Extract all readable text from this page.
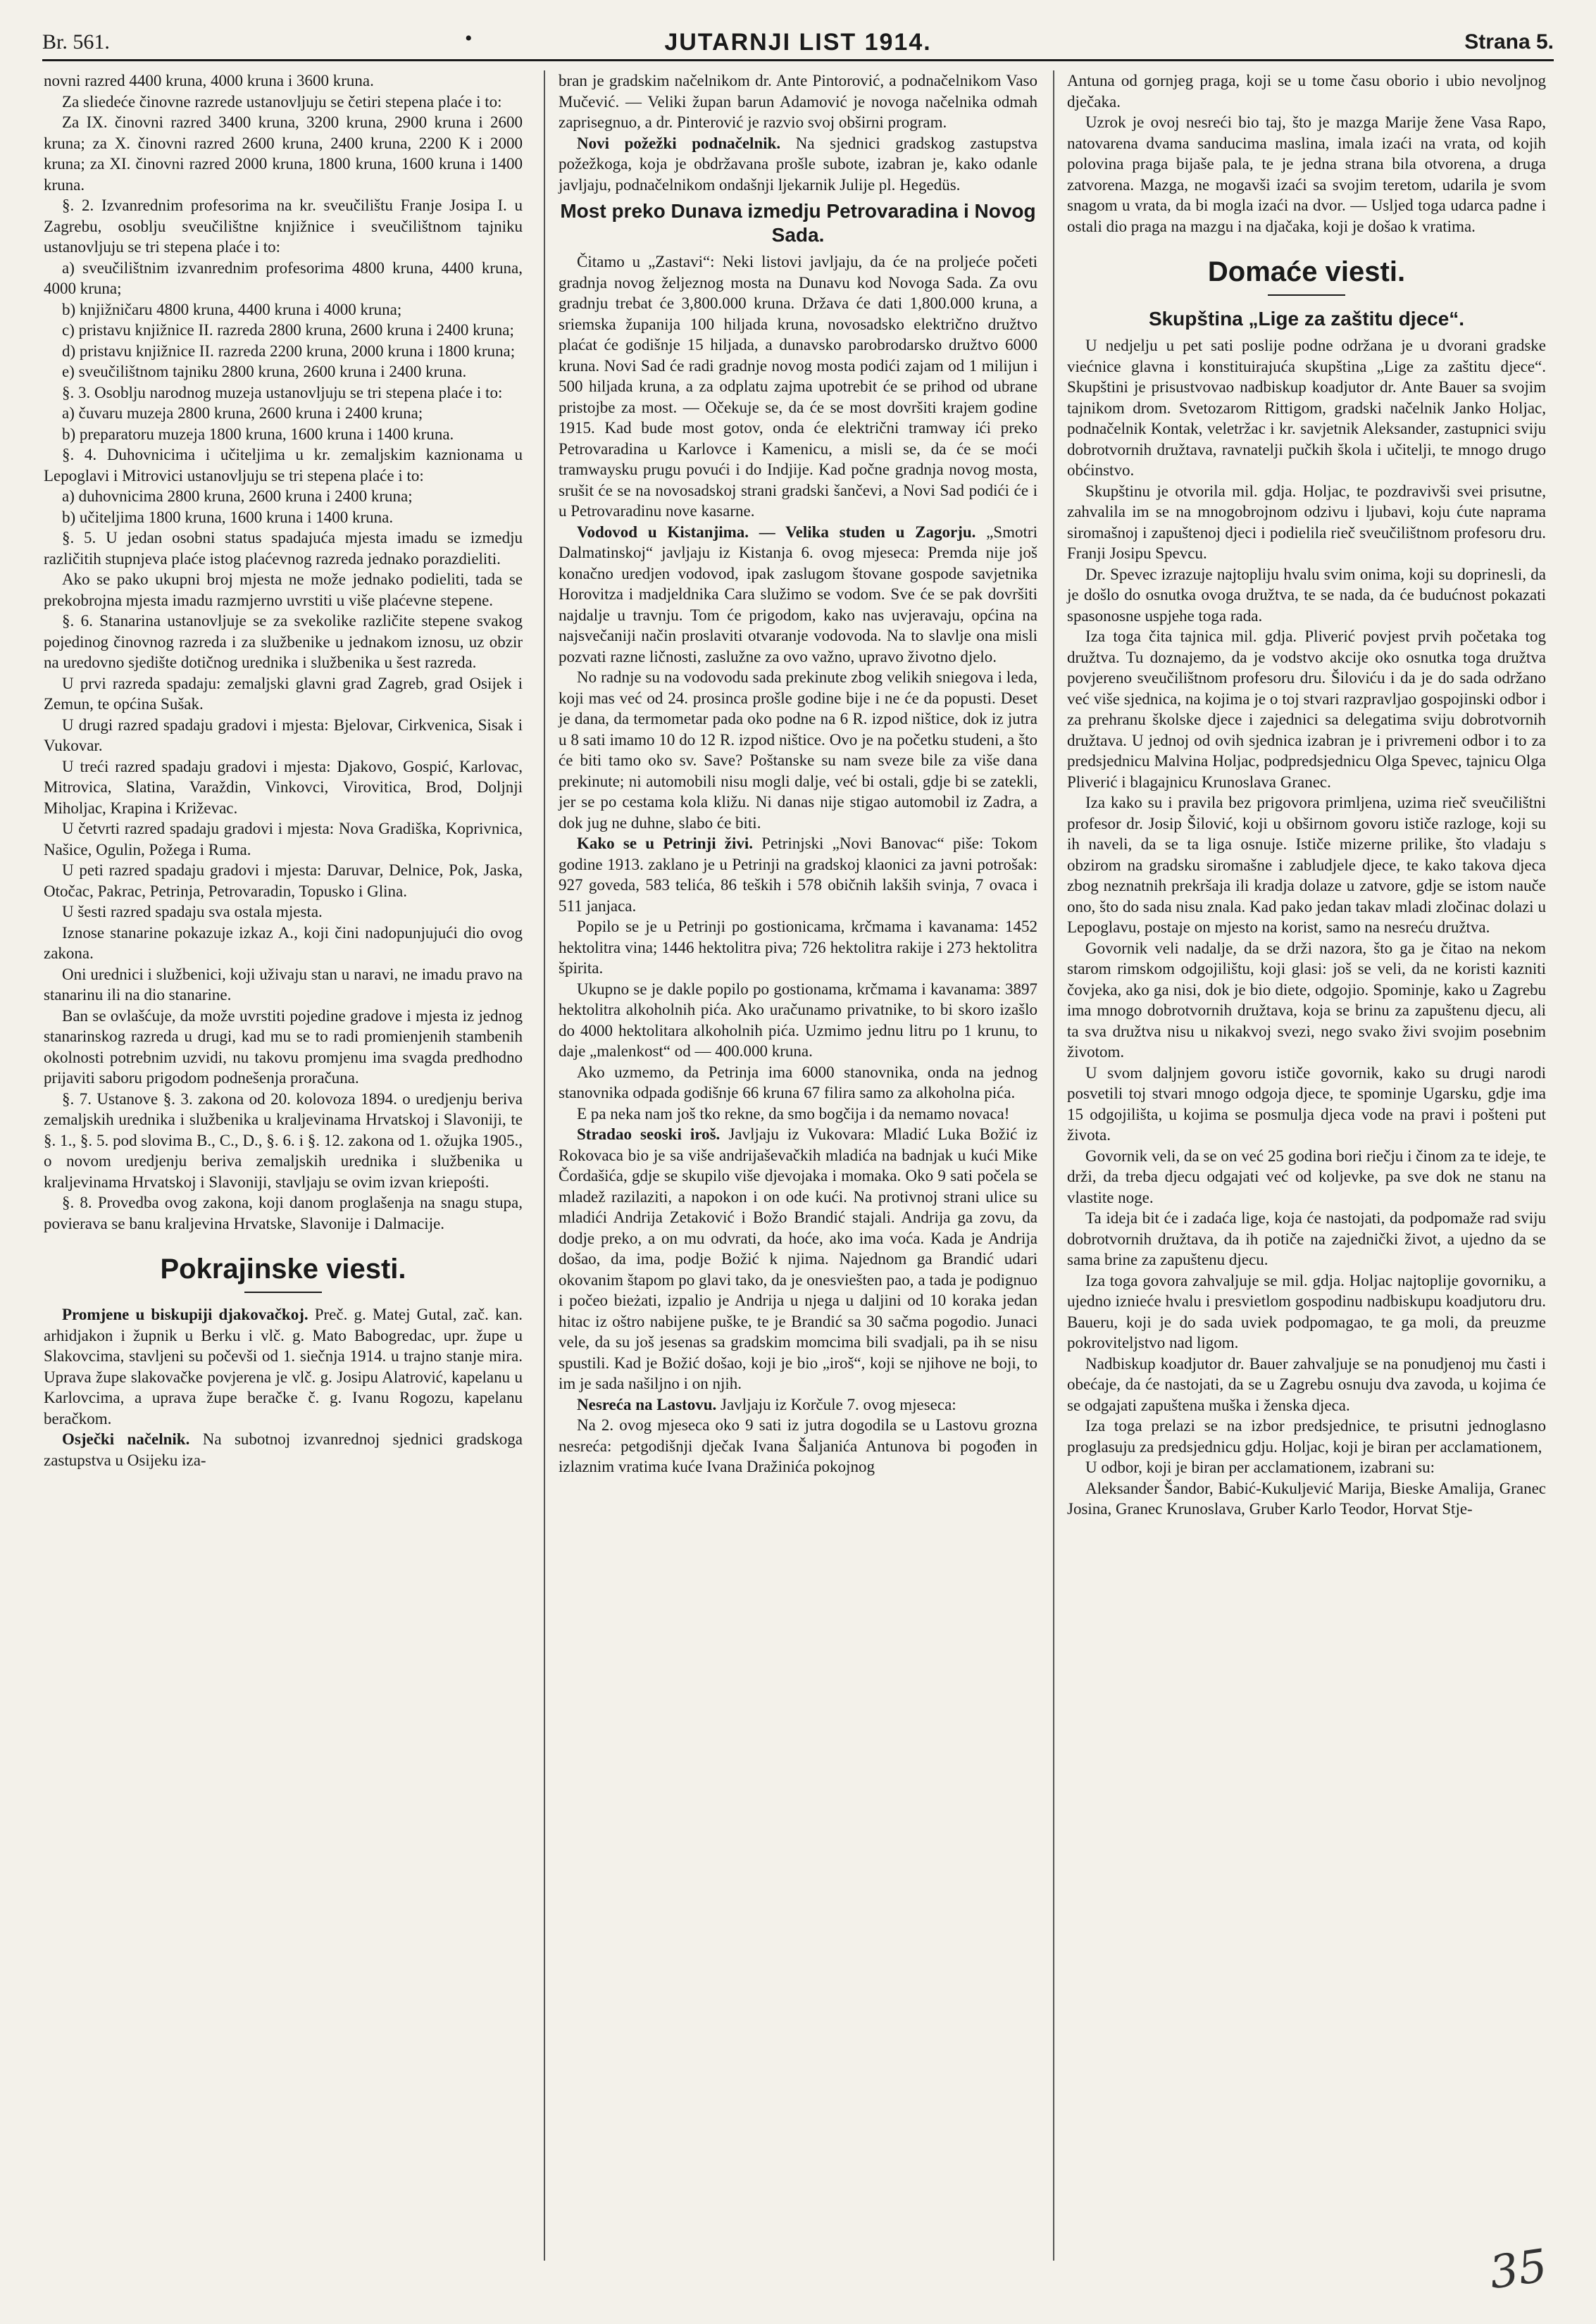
Br. 561.	•	JUTARNJI LIST 1914.	Strana 5.

novni razred 4400 kruna, 4000 kruna i 3600 kruna.

Za sliedeće činovne razrede ustanovljuju se četiri stepena plaće i to:

Za IX. činovni razred 3400 kruna, 3200 kruna, 2900 kruna i 2600 kruna; za X. činovni razred 2600 kruna, 2400 kruna, 2200 K i 2000 kruna; za XI. činovni razred 2000 kruna, 1800 kruna, 1600 kruna i 1400 kruna.

§. 2. Izvanrednim profesorima na kr. sveučilištu Franje Josipa I. u Zagrebu, osoblju sveučilištne knjižnice i sveučilištnom tajniku ustanovljuju se tri stepena plaće i to:

a) sveučilištnim izvanrednim profesorima 4800 kruna, 4400 kruna, 4000 kruna;

b) knjižničaru 4800 kruna, 4400 kruna i 4000 kruna;

c) pristavu knjižnice II. razreda 2800 kruna, 2600 kruna i 2400 kruna;

d) pristavu knjižnice II. razreda 2200 kruna, 2000 kruna i 1800 kruna;

e) sveučilištnom tajniku 2800 kruna, 2600 kruna i 2400 kruna.

§. 3. Osoblju narodnog muzeja ustanovljuju se tri stepena plaće i to:

a) čuvaru muzeja 2800 kruna, 2600 kruna i 2400 kruna;

b) preparatoru muzeja 1800 kruna, 1600 kruna i 1400 kruna.

§. 4. Duhovnicima i učiteljima u kr. zemaljskim kaznionama u Lepoglavi i Mitrovici ustanovljuju se tri stepena plaće i to:

a) duhovnicima 2800 kruna, 2600 kruna i 2400 kruna;

b) učiteljima 1800 kruna, 1600 kruna i 1400 kruna.

§. 5. U jedan osobni status spadajuća mjesta imadu se izmedju različitih stupnjeva plaće istog plaćevnog razreda jednako porazdieliti.

Ako se pako ukupni broj mjesta ne može jednako podieliti, tada se prekobrojna mjesta imadu razmjerno uvrstiti u više plaćevne stepene.

§. 6. Stanarina ustanovljuje se za svekolike različite stepene svakog pojedinog činovnog razreda i za službenike u jednakom iznosu, uz obzir na uredovno sjedište dotičnog urednika i službenika u šest razreda.

U prvi razreda spadaju: zemaljski glavni grad Zagreb, grad Osijek i Zemun, te općina Sušak.

U drugi razred spadaju gradovi i mjesta: Bjelovar, Cirkvenica, Sisak i Vukovar.

U treći razred spadaju gradovi i mjesta: Djakovo, Gospić, Karlovac, Mitrovica, Slatina, Varaždin, Vinkovci, Virovitica, Brod, Doljnji Miholjac, Krapina i Križevac.

U četvrti razred spadaju gradovi i mjesta: Nova Gradiška, Koprivnica, Našice, Ogulin, Požega i Ruma.

U peti razred spadaju gradovi i mjesta: Daruvar, Delnice, Pok, Jaska, Otočac, Pakrac, Petrinja, Petrovaradin, Topusko i Glina.

U šesti razred spadaju sva ostala mjesta.

Iznose stanarine pokazuje izkaz A., koji čini nadopunjujući dio ovog zakona.

Oni urednici i službenici, koji uživaju stan u naravi, ne imadu pravo na stanarinu ili na dio stanarine.

Ban se ovlašćuje, da može uvrstiti pojedine gradove i mjesta iz jednog stanarinskog razreda u drugi, kad mu se to radi promienjenih stambenih okolnosti potrebnim uzvidi, nu takovu promjenu ima svagda predhodno prijaviti saboru prigodom podnešenja proračuna.

§. 7. Ustanove §. 3. zakona od 20. kolovoza 1894. o uredjenju beriva zemaljskih urednika i službenika u kraljevinama Hrvatskoj i Slavoniji, te §. 1., §. 5. pod slovima B., C., D., §. 6. i §. 12. zakona od 1. ožujka 1905., o novom uredjenju beriva zemaljskih urednika i službenika u kraljevinama Hrvatskoj i Slavoniji, stavljaju se ovim izvan kriepośti.

§. 8. Provedba ovog zakona, koji danom proglašenja na snagu stupa, povierava se banu kraljevina Hrvatske, Slavonije i Dalmacije.

Pokrajinske viesti.

Promjene u biskupiji djakovačkoj. Preč. g. Matej Gutal, zač. kan. arhidjakon i župnik u Berku i vlč. g. Mato Babogredac, upr. župe u Slakovcima, stavljeni su počevši od 1. siečnja 1914. u trajno stanje mira. Uprava župe slakovačke povjerena je vlč. g. Josipu Alatrović, kapelanu u Karlovcima, a uprava župe beračke č. g. Ivanu Rogozu, kapelanu beračkom.

Osječki načelnik. Na subotnoj izvanrednoj sjednici gradskoga zastupstva u Osijeku iza-

bran je gradskim načelnikom dr. Ante Pintorović, a podnačelnikom Vaso Mučević. — Veliki župan barun Adamović je novoga načelnika odmah zaprisegnuo, a dr. Pinterović je razvio svoj obširni program.

Novi požežki podnačelnik. Na sjednici gradskog zastupstva požežkoga, koja je obdržavana prošle subote, izabran je, kako odanle javljaju, podnačelnikom ondašnji ljekarnik Julije pl. Hegedüs.

Most preko Dunava izmedju Petrovaradina i Novog Sada.

Čitamo u „Zastavi“: Neki listovi javljaju, da će na proljeće početi gradnja novog željeznog mosta na Dunavu kod Novoga Sada. Za ovu gradnju trebat će 3,800.000 kruna. Država će dati 1,800.000 kruna, a sriemska županija 100 hiljada kruna, novosadsko električno družtvo plaćat će godišnje 15 hiljada, a dunavsko parobrodarsko družtvo 6000 kruna. Novi Sad će radi gradnje novog mosta podići zajam od 1 milijun i 500 hiljada kruna, a za odplatu zajma upotrebit će se prihod od ubrane pristojbe za most. — Očekuje se, da će se most dovršiti krajem godine 1915. Kad bude most gotov, onda će električni tramway ići preko Petrovaradina u Karlovce i Kamenicu, a misli se, da će se moći tramwaysku prugu povući i do Indjije. Kad počne gradnja novog mosta, srušit će se na novosadskoj strani gradski šančevi, a Novi Sad podići će i u Petrovaradinu nove kasarne.

Vodovod u Kistanjima. — Velika studen u Zagorju. „Smotri Dalmatinskoj“ javljaju iz Kistanja 6. ovog mjeseca: Premda nije još konačno uredjen vodovod, ipak zaslugom štovane gospode savjetnika Horovitza i madjeldnika Cara služimo se vodom. Sve će se pak dovršiti najdalje u travnju. Tom će prigodom, kako nas uvjeravaju, općina na najsvečaniji način proslaviti otvaranje vodovoda. Na to slavlje ona misli pozvati razne ličnosti, zaslužne za ovo važno, upravo životno djelo.

No radnje su na vodovodu sada prekinute zbog velikih sniegova i leda, koji mas već od 24. prosinca prošle godine bije i ne će da popusti. Deset je dana, da termometar pada oko podne na 6 R. izpod ništice, dok iz jutra u 8 sati imamo 10 do 12 R. izpod ništice. Ovo je na početku studeni, a što će biti tamo oko sv. Save? Poštanske su nam sveze bile za više dana prekinute; ni automobili nisu mogli dalje, već bi ostali, gdje bi se zatekli, jer se po cestama kola kližu. Ni danas nije stigao automobil iz Zadra, a dok jug ne duhne, slabo će biti.

Kako se u Petrinji živi. Petrinjski „Novi Banovac“ piše: Tokom godine 1913. zaklano je u Petrinji na gradskoj klaonici za javni potrošak: 927 goveda, 583 telića, 86 teških i 578 običnih lakših svinja, 7 ovaca i 511 janjaca.

Popilo se je u Petrinji po gostionicama, krčmama i kavanama: 1452 hektolitra vina; 1446 hektolitra piva; 726 hektolitra rakije i 273 hektolitra špirita.

Ukupno se je dakle popilo po gostionama, krčmama i kavanama: 3897 hektolitra alkoholnih pića. Ako uračunamo privatnike, to bi skoro izašlo do 4000 hektolitara alkoholnih pića. Uzmimo jednu litru po 1 krunu, to daje „malenkost“ od — 400.000 kruna.

Ako uzmemo, da Petrinja ima 6000 stanovnika, onda na jednog stanovnika odpada godišnje 66 kruna 67 filira samo za alkoholna pića.

E pa neka nam još tko rekne, da smo bogčija i da nemamo novaca!

Stradao seoski iroš. Javljaju iz Vukovara: Mladić Luka Božić iz Rokovaca bio je sa više andrijaševačkih mladića na badnjak u kući Mike Čordašića, gdje se skupilo više djevojaka i momaka. Oko 9 sati počela se mladež razilaziti, a napokon i on ode kući. Na protivnoj strani ulice su mladići Andrija Zetaković i Božo Brandić stajali. Andrija ga zovu, da dodje preko, a on mu odvrati, da hoće, ako ima voća. Kada je Andrija došao, da ima, podje Božić k njima. Najednom ga Brandić udari okovanim štapom po glavi tako, da je onesviešten pao, a tada je podignuo i počeo bieżati, izpalio je Andrija u njega u daljini od 10 koraka jedan hitac iz oštro nabijene puške, te je Brandić sa 30 sačma pogodio. Junaci vele, da su još jesenas sa gradskim momcima bili svadjali, pa ih se nisu spustili. Kad je Božić došao, koji je bio „iroš“, koji se njihove ne boji, to im je sada našiljno i on njih.

Nesreća na Lastovu. Javljaju iz Korčule 7. ovog mjeseca:

Na 2. ovog mjeseca oko 9 sati iz jutra dogodila se u Lastovu grozna nesreća: petgodišnji dječak Ivana Šaljanića Antunova bi pogođen in izlaznim vratima kuće Ivana Dražinića pokojnog

Antuna od gornjeg praga, koji se u tome času oborio i ubio nevoljnog dječaka.

Uzrok je ovoj nesreći bio taj, što je mazga Marije žene Vasa Rapo, natovarena dvama sanducima maslina, imala izaći na vrata, od kojih polovina praga bijaše pala, te je jedna strana bila otvorena, a druga zatvorena. Mazga, ne mogavši izaći sa svojim teretom, udarila je svom snagom u vrata, da bi mogla izaći na dvor. — Usljed toga udarca padne i ostali dio praga na mazgu i na djačaka, koji je došao k vratima.

Domaće viesti.
Skupština „Lige za zaštitu djece“.

U nedjelju u pet sati poslije podne održana je u dvorani gradske viećnice glavna i konstituirajuća skupština „Lige za zaštitu djece“. Skupštini je prisustvovao nadbiskup koadjutor dr. Ante Bauer sa svojim tajnikom drom. Svetozarom Rittigom, gradski načelnik Janko Holjac, podnačelnik Kontak, veletržac i kr. savjetnik Aleksander, zastupnici sviju dobrotvornih družtava, ravnatelji pučkih škola i učitelji, te mnogo drugo obćinstvo.

Skupštinu je otvorila mil. gdja. Holjac, te pozdravivši svei prisutne, zahvalila im se na mnogobrojnom odzivu i ljubavi, koju ćute naprama siromašnoj i zapuštenoj djeci i podielila rieč sveučilištnom profesoru dru. Franji Josipu Spevcu.

Dr. Spevec izrazuje najtopliju hvalu svim onima, koji su doprinesli, da je došlo do osnutka ovoga družtva, te se nada, da će budućnost pokazati spasonosne uspjehe toga rada.

Iza toga čita tajnica mil. gdja. Pliverić povjest prvih početaka tog družtva. Tu doznajemo, da je vodstvo akcije oko osnutka toga družtva povjereno sveučilištnom profesoru dru. Šiloviću i da je do sada održano već više sjednica, na kojima je o toj stvari razpravljao gospojinski odbor i za prehranu školske djece i zajednici sa delegatima sviju dobrotvornih družtava. U jednoj od ovih sjednica izabran je i privremeni odbor i to za predsjednicu Malvina Holjac, podpredsjednicu Olga Spevec, tajnicu Olga Pliverić i blagajnicu Krunoslava Granec.

Iza kako su i pravila bez prigovora primljena, uzima rieč sveučilištni profesor dr. Josip Šilović, koji u obširnom govoru ističe razloge, koji su ih naveli, da se ta liga osnuje. Ističe mizerne prilike, što vladaju s obzirom na gradsku siromašne i zabludjele djece, te kako takova djeca zbog neznatnih prekršaja ili kradja dolaze u zatvore, gdje se istom nauče ono, što do sada nisu znala. Kad pako jedan takav mladi zločinac dolazi u Lepoglavu, postaje on mjesto na korist, samo na nesreću družtva.

Govornik veli nadalje, da se drži nazora, što ga je čitao na nekom starom rimskom odgojilištu, koji glasi: još se veli, da ne koristi kazniti čovjeka, ako ga nisi, dok je bio diete, odgojio. Spominje, kako u Zagrebu ima mnogo dobrotvornih družtava, koja se brinu za zapuštenu djecu, ali ta sva družtva nisu u nikakvoj svezi, nego svako živi svojim posebnim životom.

U svom daljnjem govoru ističe govornik, kako su drugi narodi posvetili toj stvari mnogo odgoja djece, te spominje Ugarsku, gdje ima 15 odgojilišta, u kojima se posmulja djeca vode na pravi i pošteni put života.

Govornik veli, da se on već 25 godina bori riečju i činom za te ideje, te drži, da treba djecu odgajati već od koljevke, pa sve dok ne stanu na vlastite noge.

Ta ideja bit će i zadaća lige, koja će nastojati, da podpomaže rad sviju dobrotvornih družtava, da ih potiče na zajednički život, a ujedno da se sama brine za zapuštenu djecu.

Iza toga govora zahvaljuje se mil. gdja. Holjac najtoplije govorniku, a ujedno iznieće hvalu i presvietlom gospodinu nadbiskupu koadjutoru dru. Baueru, koji je do sada uviek podpomagao, te ga moli, da preuzme pokroviteljstvo nad ligom.

Nadbiskup koadjutor dr. Bauer zahvaljuje se na ponudjenoj mu časti i obećaje, da će nastojati, da se u Zagrebu osnuju dva zavoda, u kojima će se odgajati zapuštena muška i ženska djeca.

Iza toga prelazi se na izbor predsjednice, te prisutni jednoglasno proglasuju za predsjednicu gdju. Holjac, koji je biran per acclamationem,

U odbor, koji je biran per acclamationem, izabrani su:

Aleksander Šandor, Babić-Kukuljević Marija, Bieske Amalija, Granec Josina, Granec Krunoslava, Gruber Karlo Teodor, Horvat Stje-

35
